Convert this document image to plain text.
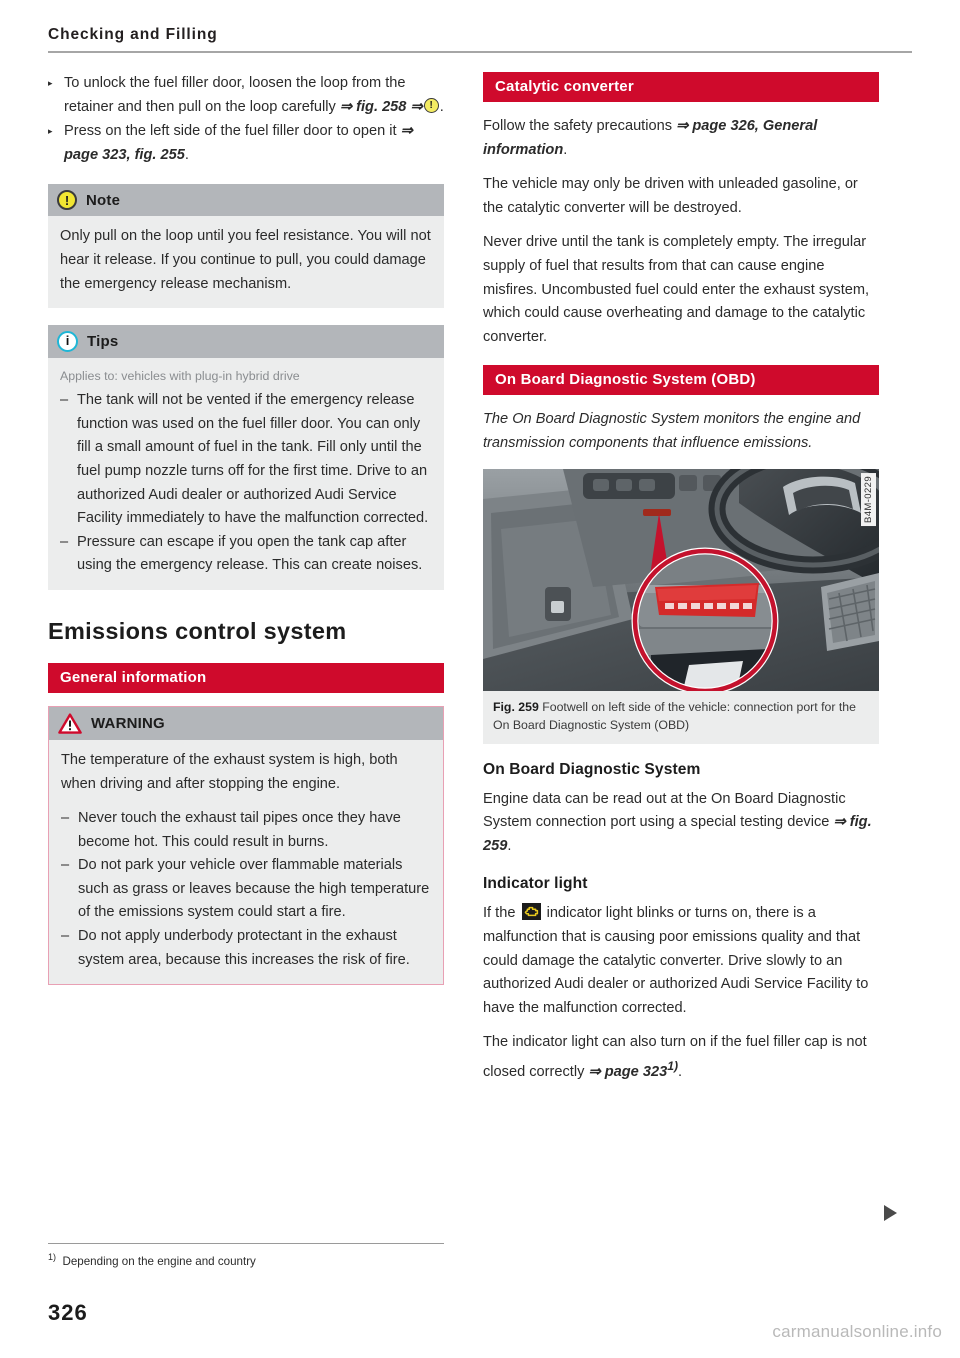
Checking and Filling
▸ To unlock the fuel filler door, loosen the loop from the retainer and then pull on the loop carefully ⇒ fig. 258 ⇒! .
▸ Press on the left side of the fuel filler door to open it ⇒ page 323, fig. 255.
!
Note
Only pull on the loop until you feel resistance. You will not hear it release. If you continue to pull, you could damage the emergency release mechanism.
i
Tips
Applies to: vehicles with plug-in hybrid drive
– The tank will not be vented if the emergency release function was used on the fuel filler door. You can only fill a small amount of fuel in the tank. Fill only until the fuel pump nozzle turns off for the first time. Drive to an authorized Audi dealer or authorized Audi Service Facility immediately to have the malfunction corrected.
– Pressure can escape if you open the tank cap after using the emergency release. This can create noises.
Emissions control system
General information
WARNING

The temperature of the exhaust system is high, both when driving and after stopping the engine.

– Never touch the exhaust tail pipes once they have become hot. This could result in burns.
– Do not park your vehicle over flammable materials such as grass or leaves because the high temperature of the emissions system could start a fire.
– Do not apply underbody protectant in the exhaust system area, because this increases the risk of fire.
Catalytic converter

Follow the safety precautions ⇒ page 326, General information.

The vehicle may only be driven with unleaded gasoline, or the catalytic converter will be destroyed.

Never drive until the tank is completely empty. The irregular supply of fuel that results from that can cause engine misfires. Uncombusted fuel could enter the exhaust system, which could cause overheating and damage to the catalytic converter.

On Board Diagnostic System (OBD)

The On Board Diagnostic System monitors the engine and transmission components that influence emissions.

B4M-0229
Fig. 259 Footwell on left side of the vehicle: connection port for the On Board Diagnostic System (OBD)
On Board Diagnostic System

Engine data can be read out at the On Board Diagnostic System connection port using a special testing device ⇒ fig. 259.

Indicator light

If the
indicator light blinks or turns on, there is a malfunction that is causing poor emissions quality and that could damage the catalytic converter. Drive slowly to an authorized Audi dealer or authorized Audi Service Facility to have the malfunction corrected.

The indicator light can also turn on if the fuel filler cap is not closed correctly ⇒ page 323$^{1)}$.

$^{1)}$ Depending on the engine and country
326
carmanualsonline.info
